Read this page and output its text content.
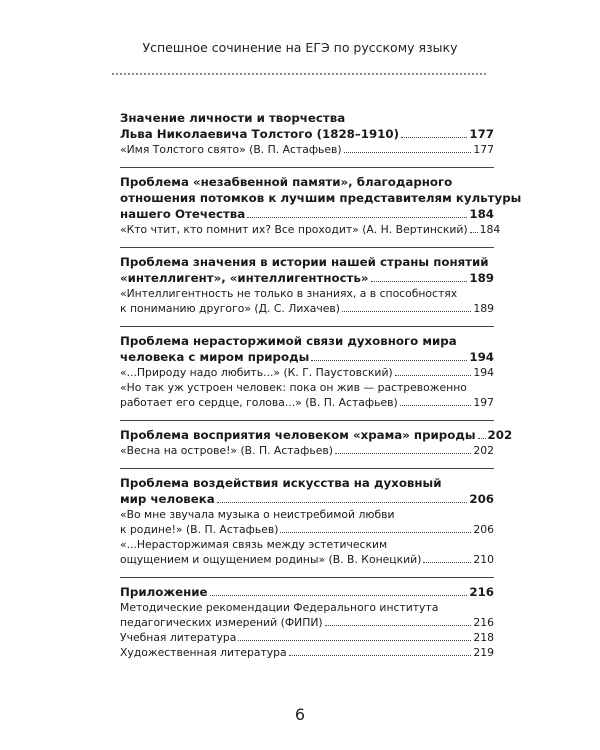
Успешное сочинение на ЕГЭ по русскому языку
Значение личности и творчества
Льва Николаевича Толстого (1828–1910)	177
«Имя Толстого свято» (В. П. Астафьев)	177
Проблема «незабвенной памяти», благодарного
отношения потомков к лучшим представителям культуры
нашего Отечества	184
«Кто чтит, кто помнит их? Все проходит» (А. Н. Вертинский) 184
Проблема значения в истории нашей страны понятий
«интеллигент», «интеллигентность»	189
«Интеллигентность не только в знаниях, а в способностях
к пониманию другого» (Д. С. Лихачев)	189
Проблема нерасторжимой связи духовного мира
человека с миром природы	194
«...Природу надо любить...» (К. Г. Паустовский)	194
«Но так уж устроен человек: пока он жив — растревоженно
работает его сердце, голова...» (В. П. Астафьев)	197
Проблема восприятия человеком «храма» природы 202
«Весна на острове!» (В. П. Астафьев)	202
Проблема воздействия искусства на духовный
мир человека	206
«Во мне звучала музыка о неистребимой любви
к родине!» (В. П. Астафьев)	206
«...Нерасторжимая связь между эстетическим
ощущением и ощущением родины» (В. В. Конецкий)	210
Приложение	216
Методические рекомендации Федерального института
педагогических измерений (ФИПИ)	216
Учебная литература	218
Художественная литература	219
6
